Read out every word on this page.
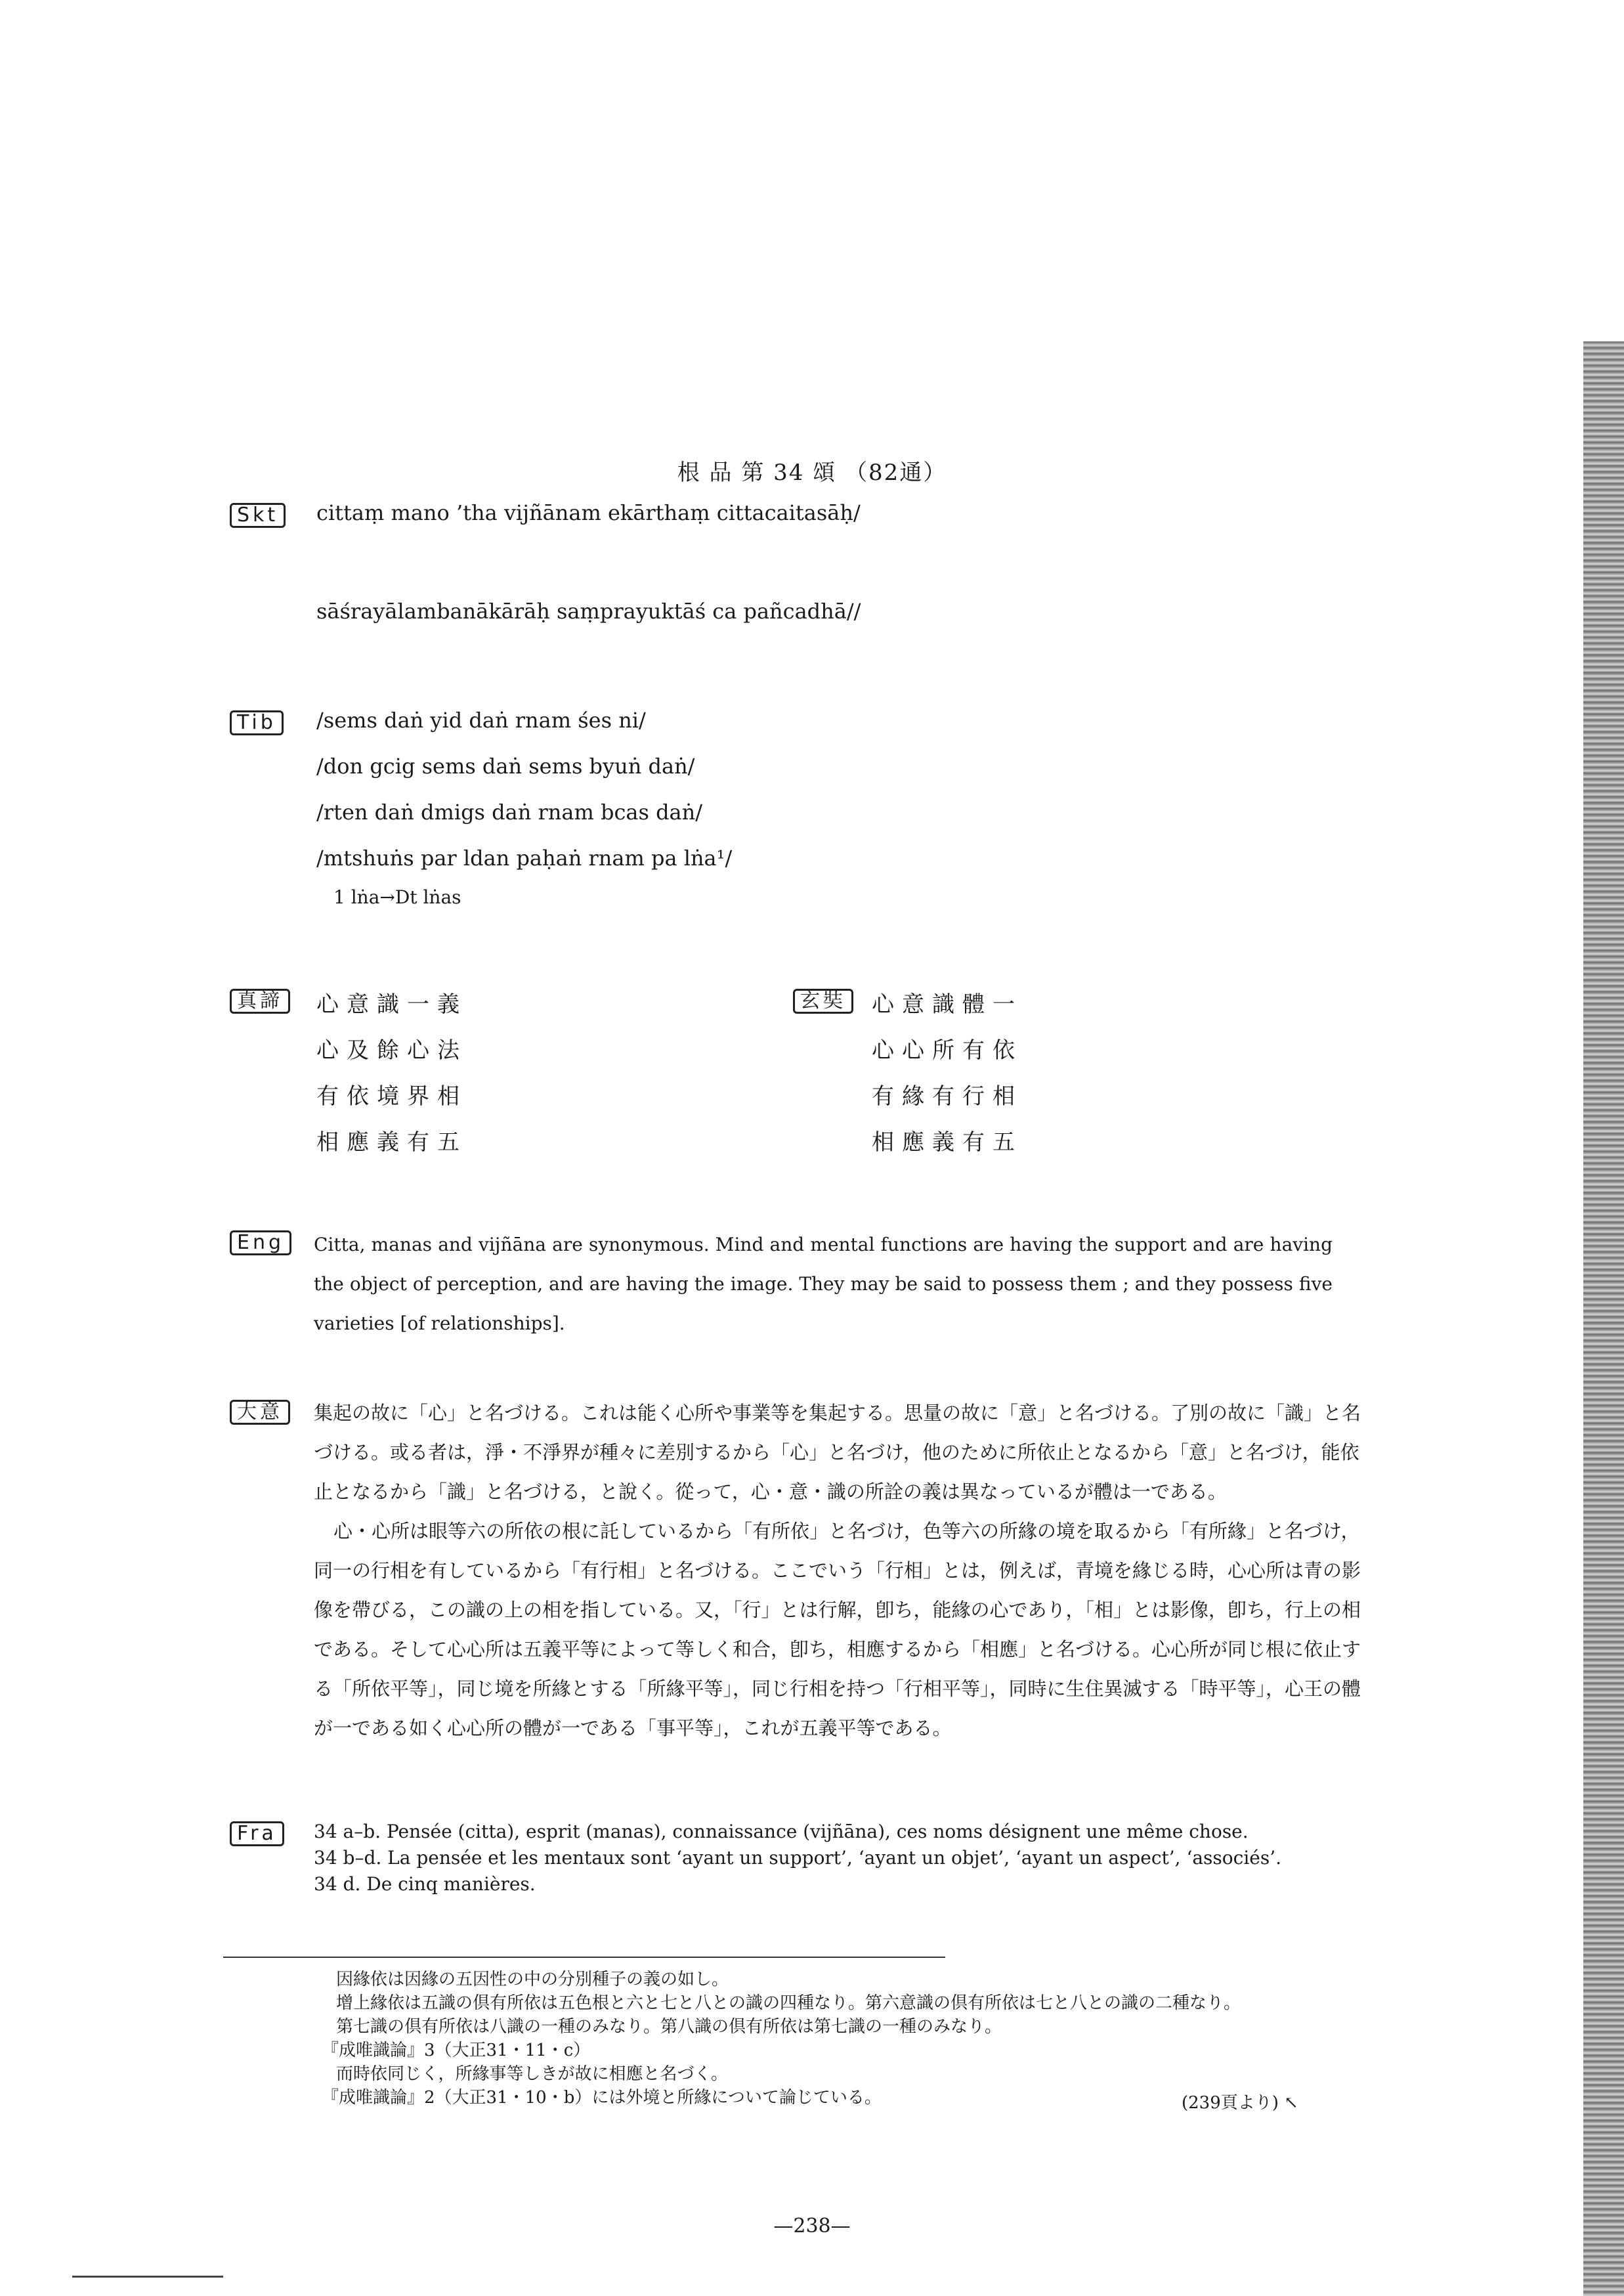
根 品 第 34 頌 （82通）
Skt	cittaṃ mano ’tha vijñānam ekārthaṃ cittacaitasāḥ/
sāśrayālambanākārāḥ saṃprayuktāś ca pañcadhā//
Tib	/sems daṅ yid daṅ rnam śes ni/
/don gcig sems daṅ sems byuṅ daṅ/
/rten daṅ dmigs daṅ rnam bcas daṅ/
/mtshuṅs par ldan paḥaṅ rnam pa lṅa¹/
1 lṅa→Dt lṅas
真諦	心意識一義
心及餘心法
有依境界相
相應義有五
玄奘	心意識體一
心心所有依
有緣有行相
相應義有五
Eng	Citta, manas and vijñāna are synonymous. Mind and mental functions are having the support and are having the object of perception, and are having the image. They may be said to possess them ; and they possess five varieties [of relationships].
大意	集起の故に「心」と名づける。これは能く心所や事業等を集起する。思量の故に「意」と名づける。了別の故に「識」と名づける。或る者は，淨・不淨界が種々に差別するから「心」と名づけ，他のために所依止となるから「意」と名づけ，能依止となるから「識」と名づける，と說く。從って，心・意・識の所詮の義は異なっているが體は一である。

心・心所は眼等六の所依の根に託しているから「有所依」と名づけ，色等六の所緣の境を取るから「有所緣」と名づけ，同一の行相を有しているから「有行相」と名づける。ここでいう「行相」とは，例えば，青境を緣じる時，心心所は青の影像を帶びる，この識の上の相を指している。又，「行」とは行解，卽ち，能緣の心であり，「相」とは影像，卽ち，行上の相である。そして心心所は五義平等によって等しく和合，卽ち，相應するから「相應」と名づける。心心所が同じ根に依止する「所依平等」，同じ境を所緣とする「所緣平等」，同じ行相を持つ「行相平等」，同時に生住異滅する「時平等」，心王の體が一である如く心心所の體が一である「事平等」，これが五義平等である。

Fra	34 a–b. Pensée (citta), esprit (manas), connaissance (vijñāna), ces noms désignent une même chose.

34 b–d. La pensée et les mentaux sont ‘ayant un support’, ‘ayant un objet’, ‘ayant un aspect’, ‘associés’.

34 d. De cinq manières.

因緣依は因緣の五因性の中の分別種子の義の如し。
增上緣依は五識の倶有所依は五色根と六と七と八との識の四種なり。第六意識の倶有所依は七と八との識の二種なり。
第七識の倶有所依は八識の一種のみなり。第八識の倶有所依は第七識の一種のみなり。
『成唯識論』3（大正31・11・c）
而時依同じく，所緣事等しきが故に相應と名づく。
『成唯識論』2（大正31・10・b）には外境と所緣について論じている。	(239頁より) ↖
—238—
